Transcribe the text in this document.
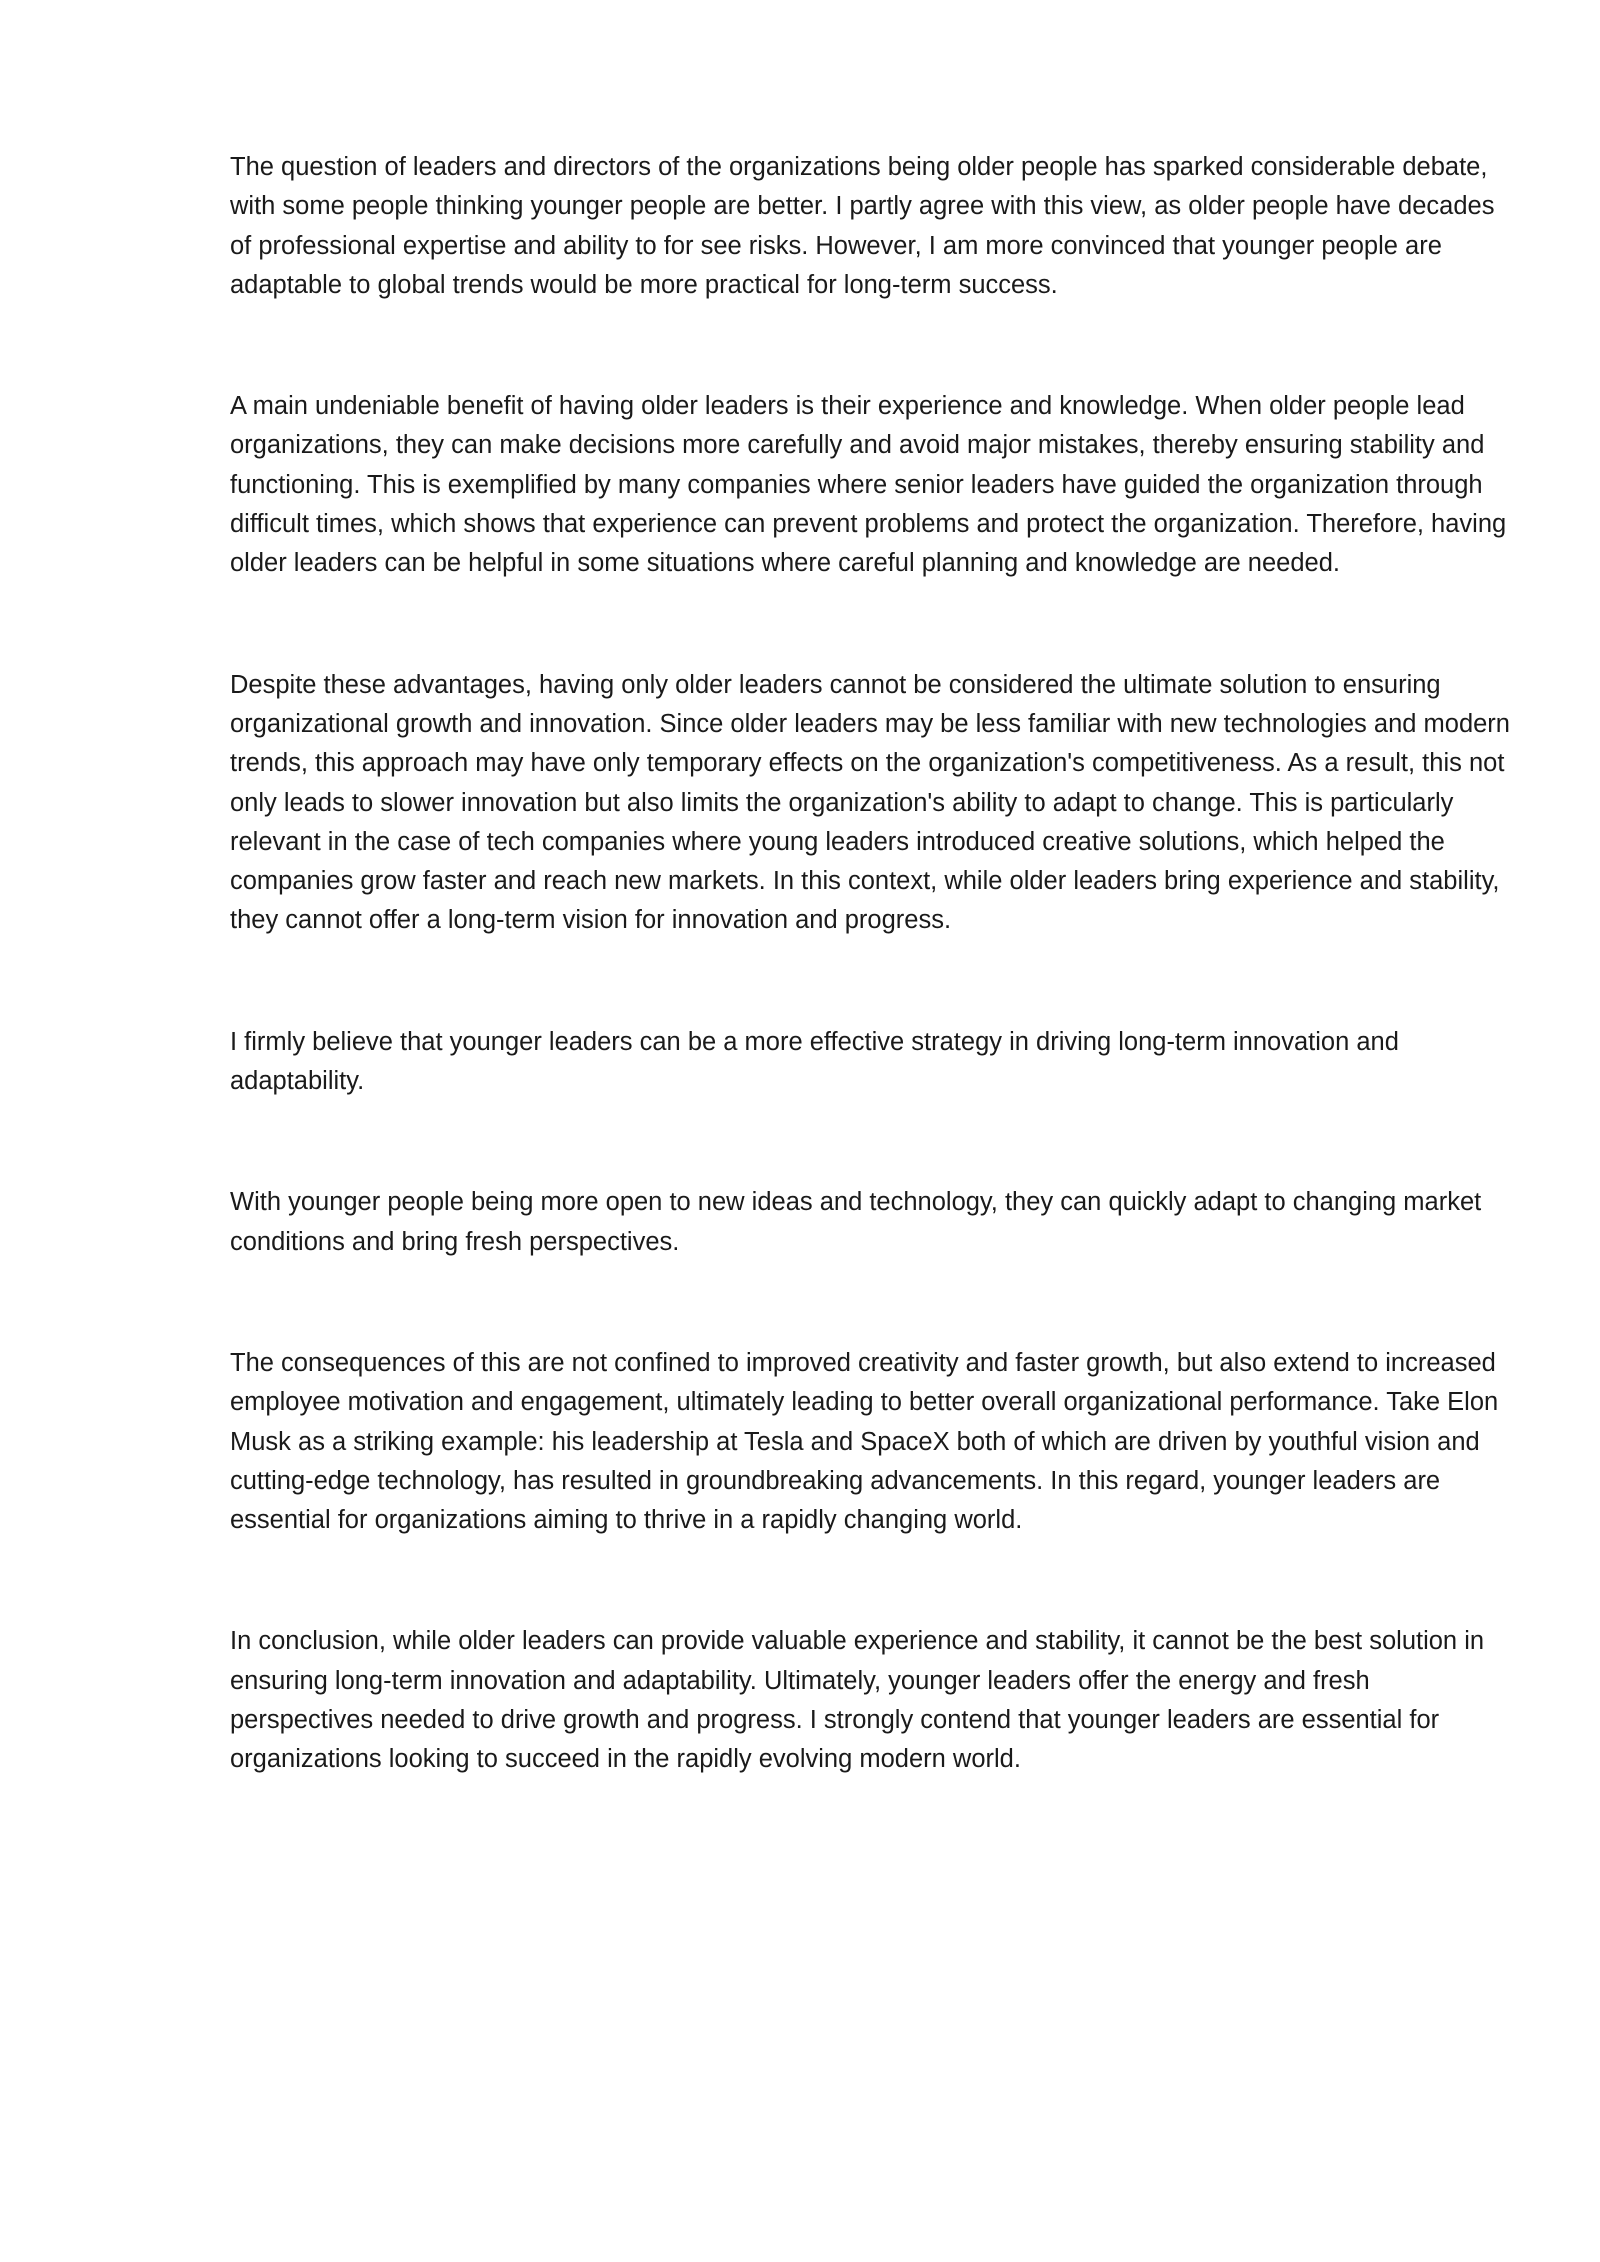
The question of leaders and directors of the organizations being older people has sparked considerable debate, with some people thinking younger people are better. I partly agree with this view, as older people have decades of professional expertise and ability to for see risks. However, I am more convinced that younger people are adaptable to global trends would be more practical for long-term success.

A main undeniable benefit of having older leaders is their experience and knowledge. When older people lead organizations, they can make decisions more carefully and avoid major mistakes, thereby ensuring stability and functioning. This is exemplified by many companies where senior leaders have guided the organization through difficult times, which shows that experience can prevent problems and protect the organization. Therefore, having older leaders can be helpful in some situations where careful planning and knowledge are needed.

Despite these advantages, having only older leaders cannot be considered the ultimate solution to ensuring organizational growth and innovation. Since older leaders may be less familiar with new technologies and modern trends, this approach may have only temporary effects on the organization's competitiveness. As a result, this not only leads to slower innovation but also limits the organization's ability to adapt to change. This is particularly relevant in the case of tech companies where young leaders introduced creative solutions, which helped the companies grow faster and reach new markets. In this context, while older leaders bring experience and stability, they cannot offer a long-term vision for innovation and progress.

I firmly believe that younger leaders can be a more effective strategy in driving long-term innovation and adaptability.

With younger people being more open to new ideas and technology, they can quickly adapt to changing market conditions and bring fresh perspectives.

The consequences of this are not confined to improved creativity and faster growth, but also extend to increased employee motivation and engagement, ultimately leading to better overall organizational performance. Take Elon Musk as a striking example: his leadership at Tesla and SpaceX both of which are driven by youthful vision and cutting-edge technology, has resulted in groundbreaking advancements. In this regard, younger leaders are essential for organizations aiming to thrive in a rapidly changing world.

In conclusion, while older leaders can provide valuable experience and stability, it cannot be the best solution in ensuring long-term innovation and adaptability. Ultimately, younger leaders offer the energy and fresh perspectives needed to drive growth and progress. I strongly contend that younger leaders are essential for organizations looking to succeed in the rapidly evolving modern world.
